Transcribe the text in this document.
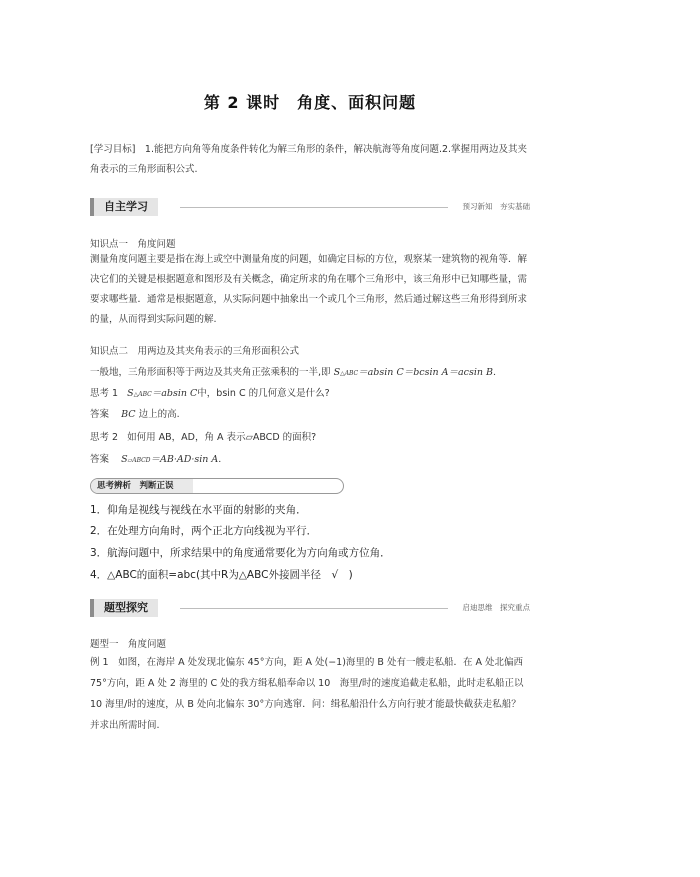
第 2 课时　角度、面积问题
[学习目标]　1.能把方向角等角度条件转化为解三角形的条件，解决航海等角度问题.2.掌握用两边及其夹角表示的三角形面积公式.
自主学习	预习新知　夯实基础
知识点一　角度问题
测量角度问题主要是指在海上或空中测量角度的问题，如确定目标的方位，观察某一建筑物的视角等．解决它们的关键是根据题意和图形及有关概念，确定所求的角在哪个三角形中，该三角形中已知哪些量，需要求哪些量．通常是根据题意，从实际问题中抽象出一个或几个三角形，然后通过解这些三角形得到所求的量，从而得到实际问题的解.
知识点二　用两边及其夹角表示的三角形面积公式
一般地，三角形面积等于两边及其夹角正弦乘积的一半,即 S△ABC＝absin C＝bcsin A＝acsin B.
思考 1 S△ABC＝absin C中，bsin C 的几何意义是什么?
答案 BC 边上的高.
思考 2 如何用 AB，AD，角 A 表示▱ABCD 的面积?
答案 S▱ABCD＝AB·AD·sin A.
思考辨析　判断正误
1．仰角是视线与视线在水平面的射影的夹角．
2．在处理方向角时，两个正北方向线视为平行．
3．航海问题中，所求结果中的角度通常要化为方向角或方位角．
4．△ABC的面积=abc(其中R为△ABC外接圆半径　√　)
题型探究	启迪思维　探究重点
题型一　角度问题
例 1　如图，在海岸 A 处发现北偏东 45°方向，距 A 处(−1)海里的 B 处有一艘走私船．在 A 处北偏西 75°方向，距 A 处 2 海里的 C 处的我方缉私船奉命以 10　海里/时的速度追截走私船，此时走私船正以 10 海里/时的速度，从 B 处向北偏东 30°方向逃窜．问：缉私船沿什么方向行驶才能最快截获走私船？并求出所需时间.
